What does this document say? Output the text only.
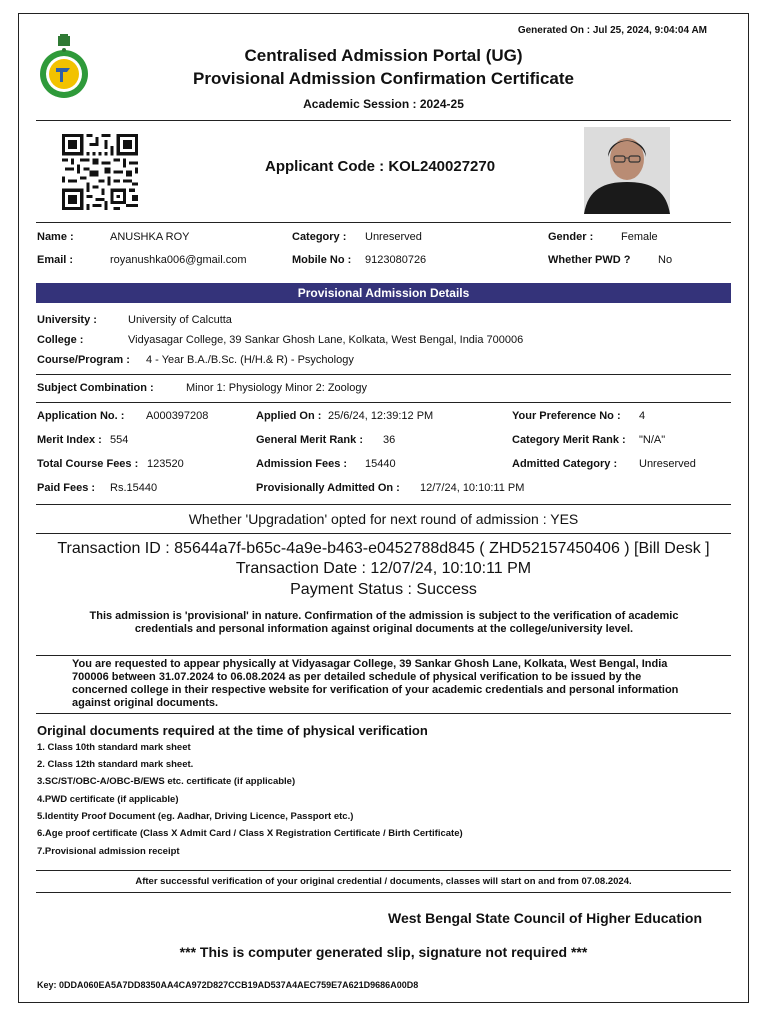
Generated On : Jul 25, 2024, 9:04:04 AM
Centralised Admission Portal (UG)
Provisional Admission Confirmation Certificate
Academic Session : 2024-25
Applicant Code : KOL240027270
Name :	ANUSHKA ROY	Category : Unreserved	Gender :	Female
Email :	royanushka006@gmail.com	Mobile No : 9123080726	Whether PWD ?	No
Provisional Admission Details
University :	University of Calcutta
College :	Vidyasagar College, 39 Sankar Ghosh Lane, Kolkata, West Bengal, India 700006
Course/Program : 4 - Year B.A./B.Sc. (H/H.& R) - Psychology
Subject Combination :	Minor 1: Physiology Minor 2: Zoology
Application No. : A000397208	Applied On : 25/6/24, 12:39:12 PM	Your Preference No : 4
Merit Index : 554	General Merit Rank : 36	Category Merit Rank : "N/A"
Total Course Fees : 123520	Admission Fees : 15440	Admitted Category : Unreserved
Paid Fees : Rs.15440	Provisionally Admitted On : 12/7/24, 10:10:11 PM
Whether 'Upgradation' opted for next round of admission : YES
Transaction ID : 85644a7f-b65c-4a9e-b463-e0452788d845 ( ZHD52157450406 ) [Bill Desk ]
Transaction Date : 12/07/24, 10:10:11 PM
Payment Status : Success
This admission is 'provisional' in nature. Confirmation of the admission is subject to the verification of academic credentials and personal information against original documents at the college/university level.
You are requested to appear physically at Vidyasagar College, 39 Sankar Ghosh Lane, Kolkata, West Bengal, India 700006 between 31.07.2024 to 06.08.2024 as per detailed schedule of physical verification to be issued by the concerned college in their respective website for verification of your academic credentials and personal information against original documents.
Original documents required at the time of physical verification
1. Class 10th standard mark sheet
2. Class 12th standard mark sheet.
3.SC/ST/OBC-A/OBC-B/EWS etc. certificate (if applicable)
4.PWD certificate (if applicable)
5.Identity Proof Document (eg. Aadhar, Driving Licence, Passport etc.)
6.Age proof certificate (Class X Admit Card / Class X Registration Certificate / Birth Certificate)
7.Provisional admission receipt
After successful verification of your original credential / documents, classes will start on and from 07.08.2024.
West Bengal State Council of Higher Education
*** This is computer generated slip, signature not required ***
Key: 0DDA060EA5A7DD8350AA4CA972D827CCB19AD537A4AEC759E7A621D9686A00D8
